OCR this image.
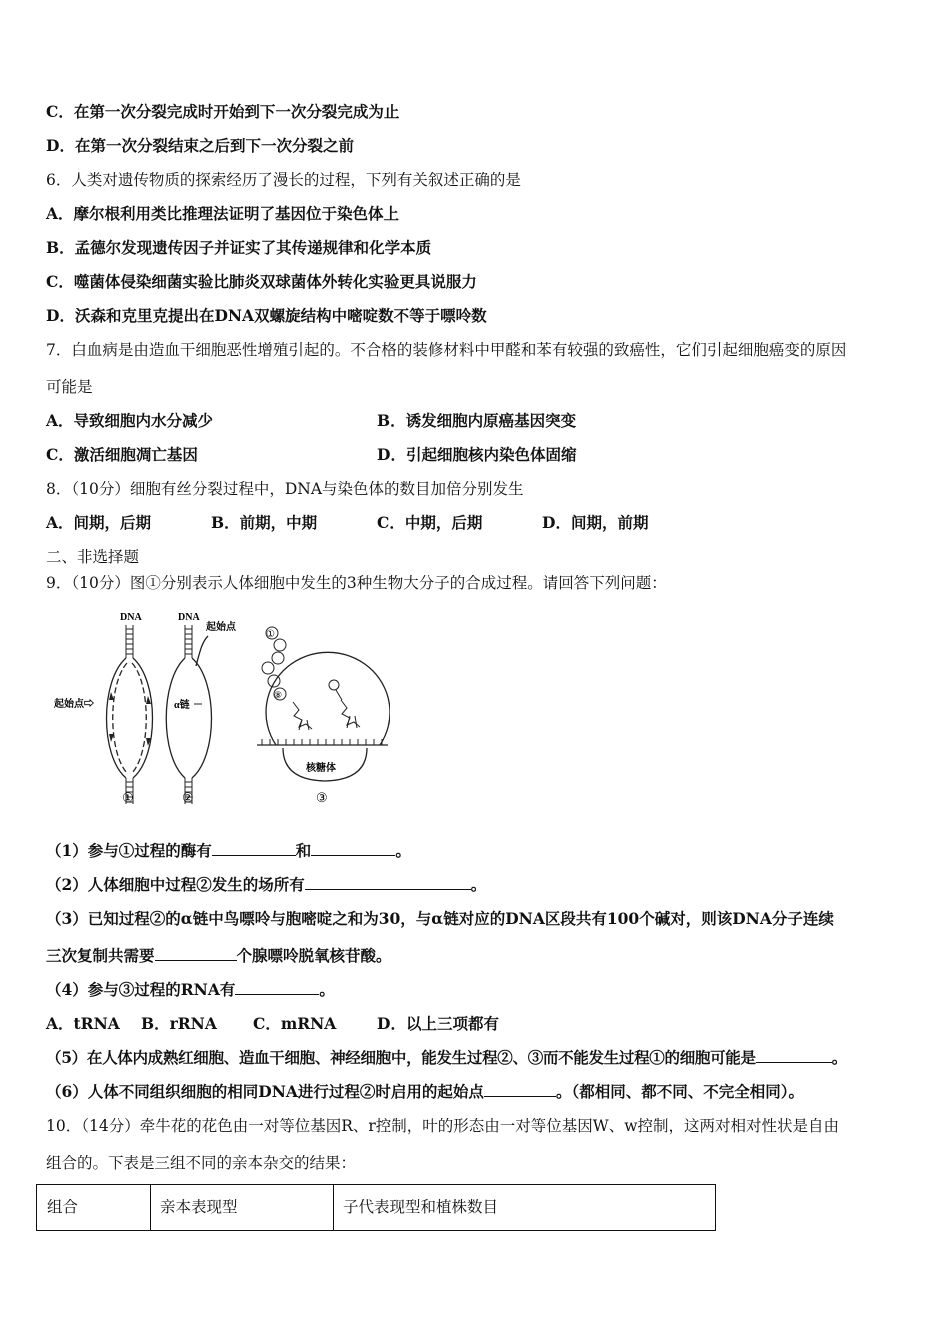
C．在第一次分裂完成时开始到下一次分裂完成为止
D．在第一次分裂结束之后到下一次分裂之前
6．人类对遗传物质的探索经历了漫长的过程，下列有关叙述正确的是
A．摩尔根利用类比推理法证明了基因位于染色体上
B．孟德尔发现遗传因子并证实了其传递规律和化学本质
C．噬菌体侵染细菌实验比肺炎双球菌体外转化实验更具说服力
D．沃森和克里克提出在DNA双螺旋结构中嘧啶数不等于嘌呤数
7．白血病是由造血干细胞恶性增殖引起的。不合格的装修材料中甲醛和苯有较强的致癌性，它们引起细胞癌变的原因
可能是
A．导致细胞内水分减少	B．诱发细胞内原癌基因突变
C．激活细胞凋亡基因	D．引起细胞核内染色体固缩
8．（10分）细胞有丝分裂过程中，DNA与染色体的数目加倍分别发生
A．间期，后期	B．前期，中期	C．中期，后期	D．间期，前期
二、非选择题
9．（10分）图①分别表示人体细胞中发生的3种生物大分子的合成过程。请回答下列问题：
DNA
起始点⇨
①
DNA
起始点
α链
②
①
⑧
核糖体
③
（1）参与①过程的酶有	和	。
（2）人体细胞中过程②发生的场所有	。
（3）已知过程②的α链中鸟嘌呤与胞嘧啶之和为30，与α链对应的DNA区段共有100个碱对，则该DNA分子连续
三次复制共需要	个腺嘌呤脱氧核苷酸。
（4）参与③过程的RNA有	。
A．tRNA B．rRNA C．mRNA	D．以上三项都有
（5）在人体内成熟红细胞、造血干细胞、神经细胞中，能发生过程②、③而不能发生过程①的细胞可能是	。
（6）人体不同组织细胞的相同DNA进行过程②时启用的起始点	。（都相同、都不同、不完全相同）。
10．（14分）牵牛花的花色由一对等位基因R、r控制，叶的形态由一对等位基因W、w控制，这两对相对性状是自由
组合的。下表是三组不同的亲本杂交的结果：
组合	亲本表现型	子代表现型和植株数目
